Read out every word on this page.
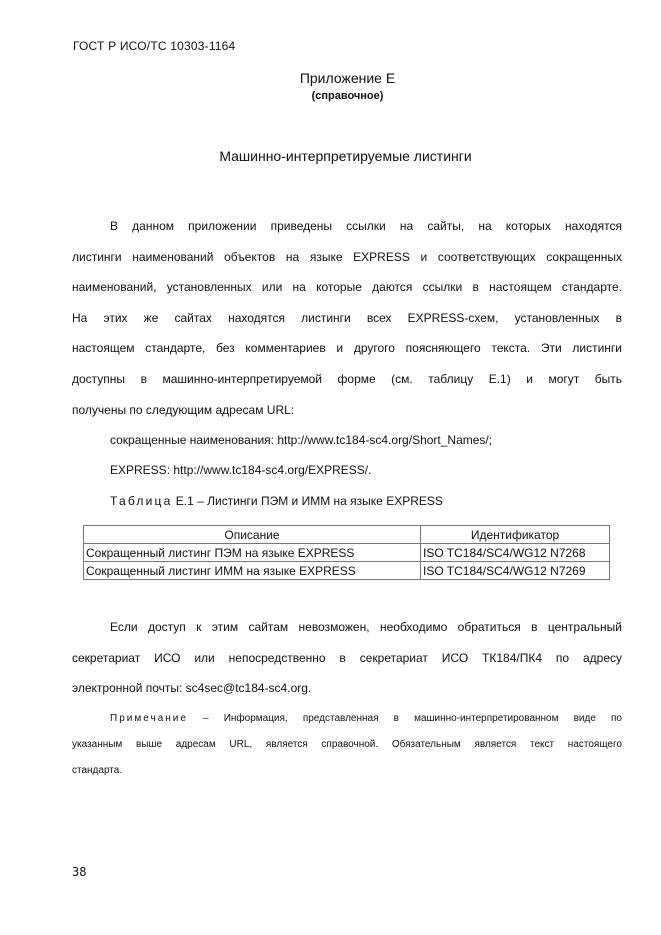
ГОСТ Р ИСО/ТС 10303-1164
Приложение Е
(справочное)
Машинно-интерпретируемые листинги
В данном приложении приведены ссылки на сайты, на которых находятся
листинги наименований объектов на языке EXPRESS и соответствующих сокращенных
наименований, установленных или на которые даются ссылки в настоящем стандарте.
На этих же сайтах находятся листинги всех EXPRESS-схем, установленных в
настоящем стандарте, без комментариев и другого поясняющего текста. Эти листинги
доступны в машинно-интерпретируемой форме (см. таблицу Е.1) и могут быть
получены по следующим адресам URL:
сокращенные наименования: http://www.tc184-sc4.org/Short_Names/;
EXPRESS: http://www.tc184-sc4.org/EXPRESS/.
Таблица Е.1 – Листинги ПЭМ и ИММ на языке EXPRESS
Описание	Идентификатор
Сокращенный листинг ПЭМ на языке EXPRESS	ISO TC184/SC4/WG12 N7268
Сокращенный листинг ИММ на языке EXPRESS	ISO TC184/SC4/WG12 N7269
Если доступ к этим сайтам невозможен, необходимо обратиться в центральный
секретариат ИСО или непосредственно в секретариат ИСО ТК184/ПК4 по адресу
электронной почты: sc4sec@tc184-sc4.org.
Примечание – Информация, представленная в машинно-интерпретированном виде по
указанным выше адресам URL, является справочной. Обязательным является текст настоящего
стандарта.
38
